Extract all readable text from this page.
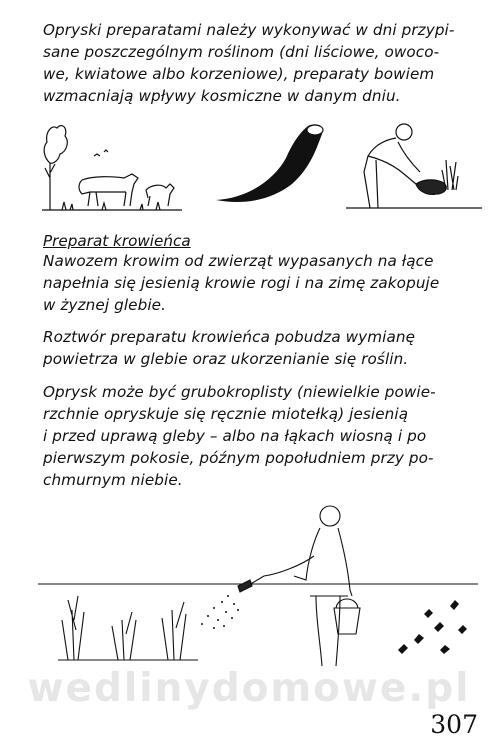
Opryski preparatami należy wykonywać w dni przypi-
sane poszczególnym roślinom (dni liściowe, owoco-
we, kwiatowe albo korzeniowe), preparaty bowiem
wzmacniają wpływy kosmiczne w danym dniu.

Preparat krowieńca

Nawozem krowim od zwierząt wypasanych na łące
napełnia się jesienią krowie rogi i na zimę zakopuje
w żyznej glebie.

Roztwór preparatu krowieńca pobudza wymianę
powietrza w glebie oraz ukorzenianie się roślin.

Oprysk może być grubokroplisty (niewielkie powie-
rzchnie opryskuje się ręcznie miotełką) jesienią
i przed uprawą gleby – albo na łąkach wiosną i po
pierwszym pokosie, późnym popołudniem przy po-
chmurnym niebie.

wedlinydomowe.pl
307
